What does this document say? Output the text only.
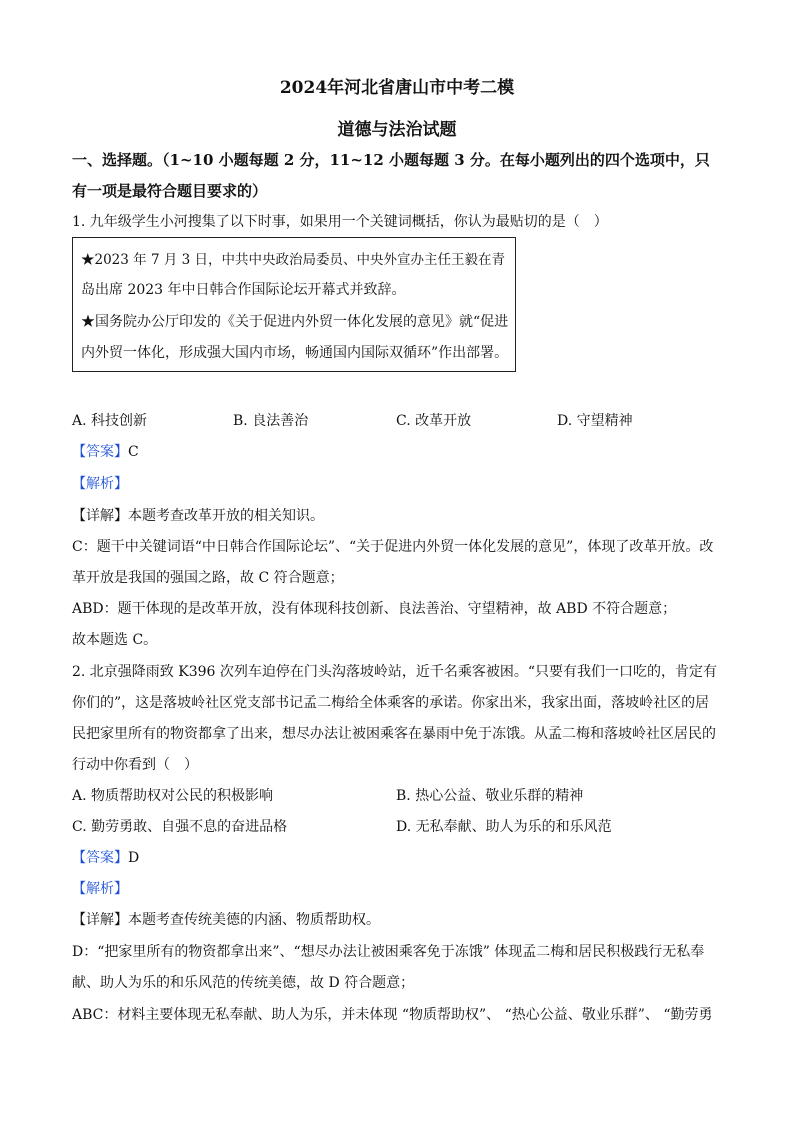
2024年河北省唐山市中考二模
道德与法治试题
一、选择题。（1~10 小题每题 2 分，11~12 小题每题 3 分。在每小题列出的四个选项中，只
有一项是最符合题目要求的）
1. 九年级学生小河搜集了以下时事，如果用一个关键词概括，你认为最贴切的是（　）
★2023 年 7 月 3 日，中共中央政治局委员、中央外宣办主任王毅在青
岛出席 2023 年中日韩合作国际论坛开幕式并致辞。
★国务院办公厅印发的《关于促进内外贸一体化发展的意见》就“促进
内外贸一体化，形成强大国内市场，畅通国内国际双循环”作出部署。
A. 科技创新	B. 良法善治	C. 改革开放	D. 守望精神
【答案】C
【解析】
【详解】本题考查改革开放的相关知识。
C：题干中关键词语“中日韩合作国际论坛”、“关于促进内外贸一体化发展的意见”，体现了改革开放。改
革开放是我国的强国之路，故 C 符合题意；
ABD：题干体现的是改革开放，没有体现科技创新、良法善治、守望精神，故 ABD 不符合题意；
故本题选 C。
2. 北京强降雨致 K396 次列车迫停在门头沟落坡岭站，近千名乘客被困。“只要有我们一口吃的，肯定有
你们的”，这是落坡岭社区党支部书记孟二梅给全体乘客的承诺。你家出米，我家出面，落坡岭社区的居
民把家里所有的物资都拿了出来，想尽办法让被困乘客在暴雨中免于冻饿。从孟二梅和落坡岭社区居民的
行动中你看到（　）
A. 物质帮助权对公民的积极影响	B. 热心公益、敬业乐群的精神
C. 勤劳勇敢、自强不息的奋进品格	D. 无私奉献、助人为乐的和乐风范
【答案】D
【解析】
【详解】本题考查传统美德的内涵、物质帮助权。
D：“把家里所有的物资都拿出来”、“想尽办法让被困乘客免于冻饿” 体现孟二梅和居民积极践行无私奉
献、助人为乐的和乐风范的传统美德，故 D 符合题意；
ABC：材料主要体现无私奉献、助人为乐，并未体现 “物质帮助权”、 “热心公益、敬业乐群”、 “勤劳勇
